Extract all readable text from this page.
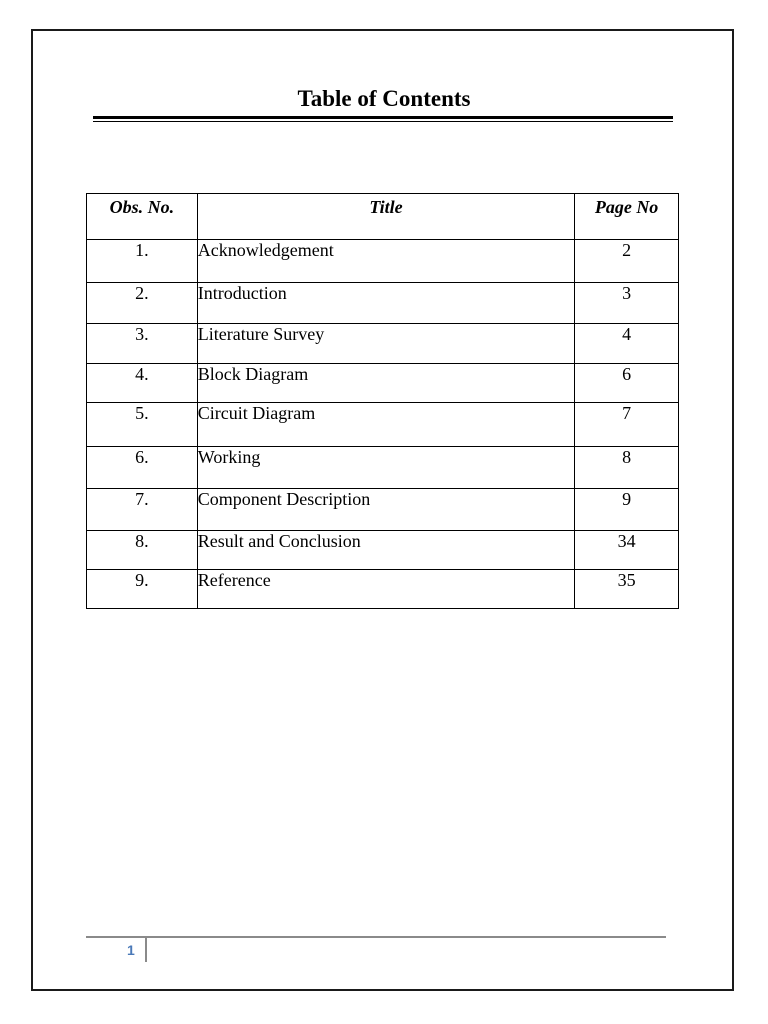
Table of Contents
Obs. No.	Title	Page No
1.	Acknowledgement	2
2.	Introduction	3
3.	Literature Survey	4
4.	Block Diagram	6
5.	Circuit Diagram	7
6.	Working	8
7.	Component Description	9
8.	Result and Conclusion	34
9.	Reference	35
1
